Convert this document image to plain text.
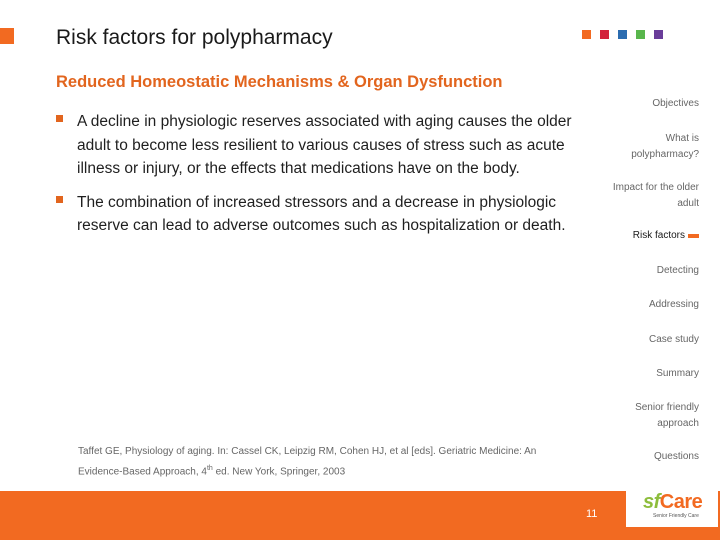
Risk factors for polypharmacy
Reduced Homeostatic Mechanisms & Organ Dysfunction
A decline in physiologic reserves associated with aging causes the older adult to become less resilient to various causes of stress such as acute illness or injury, or the effects that medications have on the body.
The combination of increased stressors and a decrease in physiologic reserve can lead to adverse outcomes such as hospitalization or death.
Taffet GE, Physiology of aging. In: Cassel CK, Leipzig RM, Cohen HJ, et al [eds]. Geriatric Medicine: An Evidence-Based Approach, 4th ed. New York, Springer, 2003
Objectives
What is polypharmacy?
Impact for the older adult
Risk factors
Detecting
Addressing
Case study
Summary
Senior friendly approach
Questions
11
sfCare
Senior Friendly Care
